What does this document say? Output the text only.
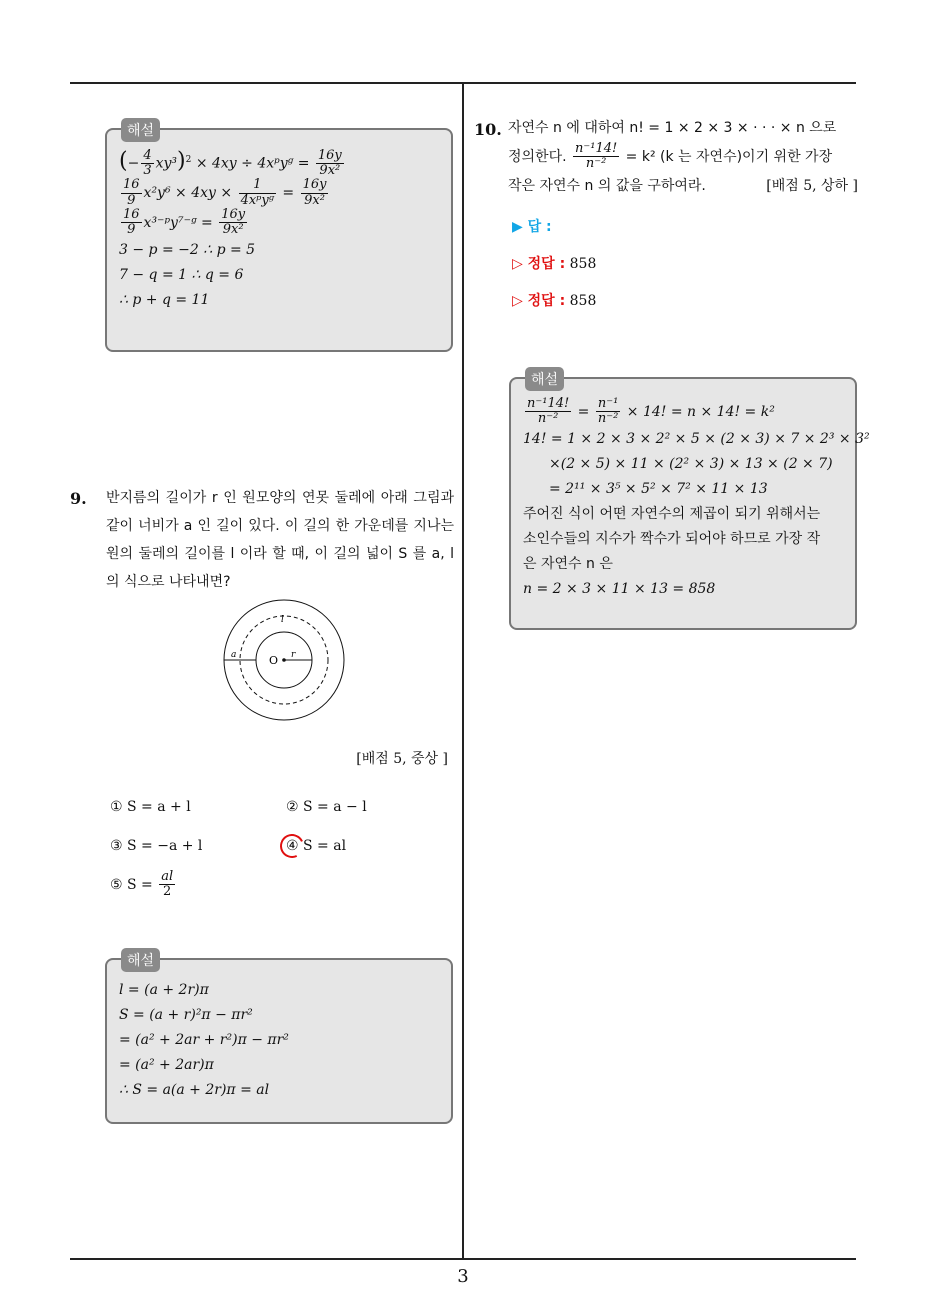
해설
(− $\frac{4}{3} xy^3)^2 \times 4xy$ ÷ 4xᵖyᵍ = $\frac{16y}{\text{9x²}}$
$\frac{16}{9} x^2y^6 \times 4xy \times \frac{1}{\text{4xᵖyᵍ}} = \frac{16y}{\text{9x²}}$
$\frac{16}{9}$ x³⁻ᵖy⁷⁻ᵍ = $\frac{16y}{\text{9x²}}$
3 − p = −2 ∴ p = 5
7 − q = 1 ∴ q = 6
∴ p + q = 11
9. 반지름의 길이가 r 인 원모양의 연못 둘레에 아래 그림과 같이 너비가 a 인 길이 있다. 이 길의 한 가운데를 지나는 원의 둘레의 길이를 l 이라 할 때, 이 길의 넓이 S 를 a, l 의 식으로 나타내면?
O r
a
l
[배점 5, 중상 ]
① S = a + l	② S = a − l
③ S = −a + l	④ S = al
⑤ $S = \frac{al}{2}$
해설
l = (a + 2r)π
S = (a + r)²π − πr²
= (a² + 2ar + r²)π − πr²
= (a² + 2ar)π
∴ S = a(a + 2r)π = al
10. 자연수 n 에 대하여 n! = 1 × 2 × 3 × · · · × n 으로
정의한다. $\frac{\text{n⁻¹14!}}{\text{n⁻²}} = k^2$ (k 는 자연수)이기 위한 가장
작은 자연수 n 의 값을 구하여라.	[배점 5, 상하 ]
▶ 답 :
▷ 정답 : 858
▷ 정답 : 858
해설
$\frac{\text{n⁻¹14!}}{\text{n⁻²}} = \frac{\text{n⁻¹}}{\text{n⁻²}} \times 14$! = n × 14! = k²
14! = 1 × 2 × 3 × 2² × 5 × (2 × 3) × 7 × 2³ × 3²
×(2 × 5) × 11 × (2² × 3) × 13 × (2 × 7)
= 2¹¹ × 3⁵ × 5² × 7² × 11 × 13
주어진 식이 어떤 자연수의 제곱이 되기 위해서는
소인수들의 지수가 짝수가 되어야 하므로 가장 작
은 자연수 n 은
n = 2 × 3 × 11 × 13 = 858
3
